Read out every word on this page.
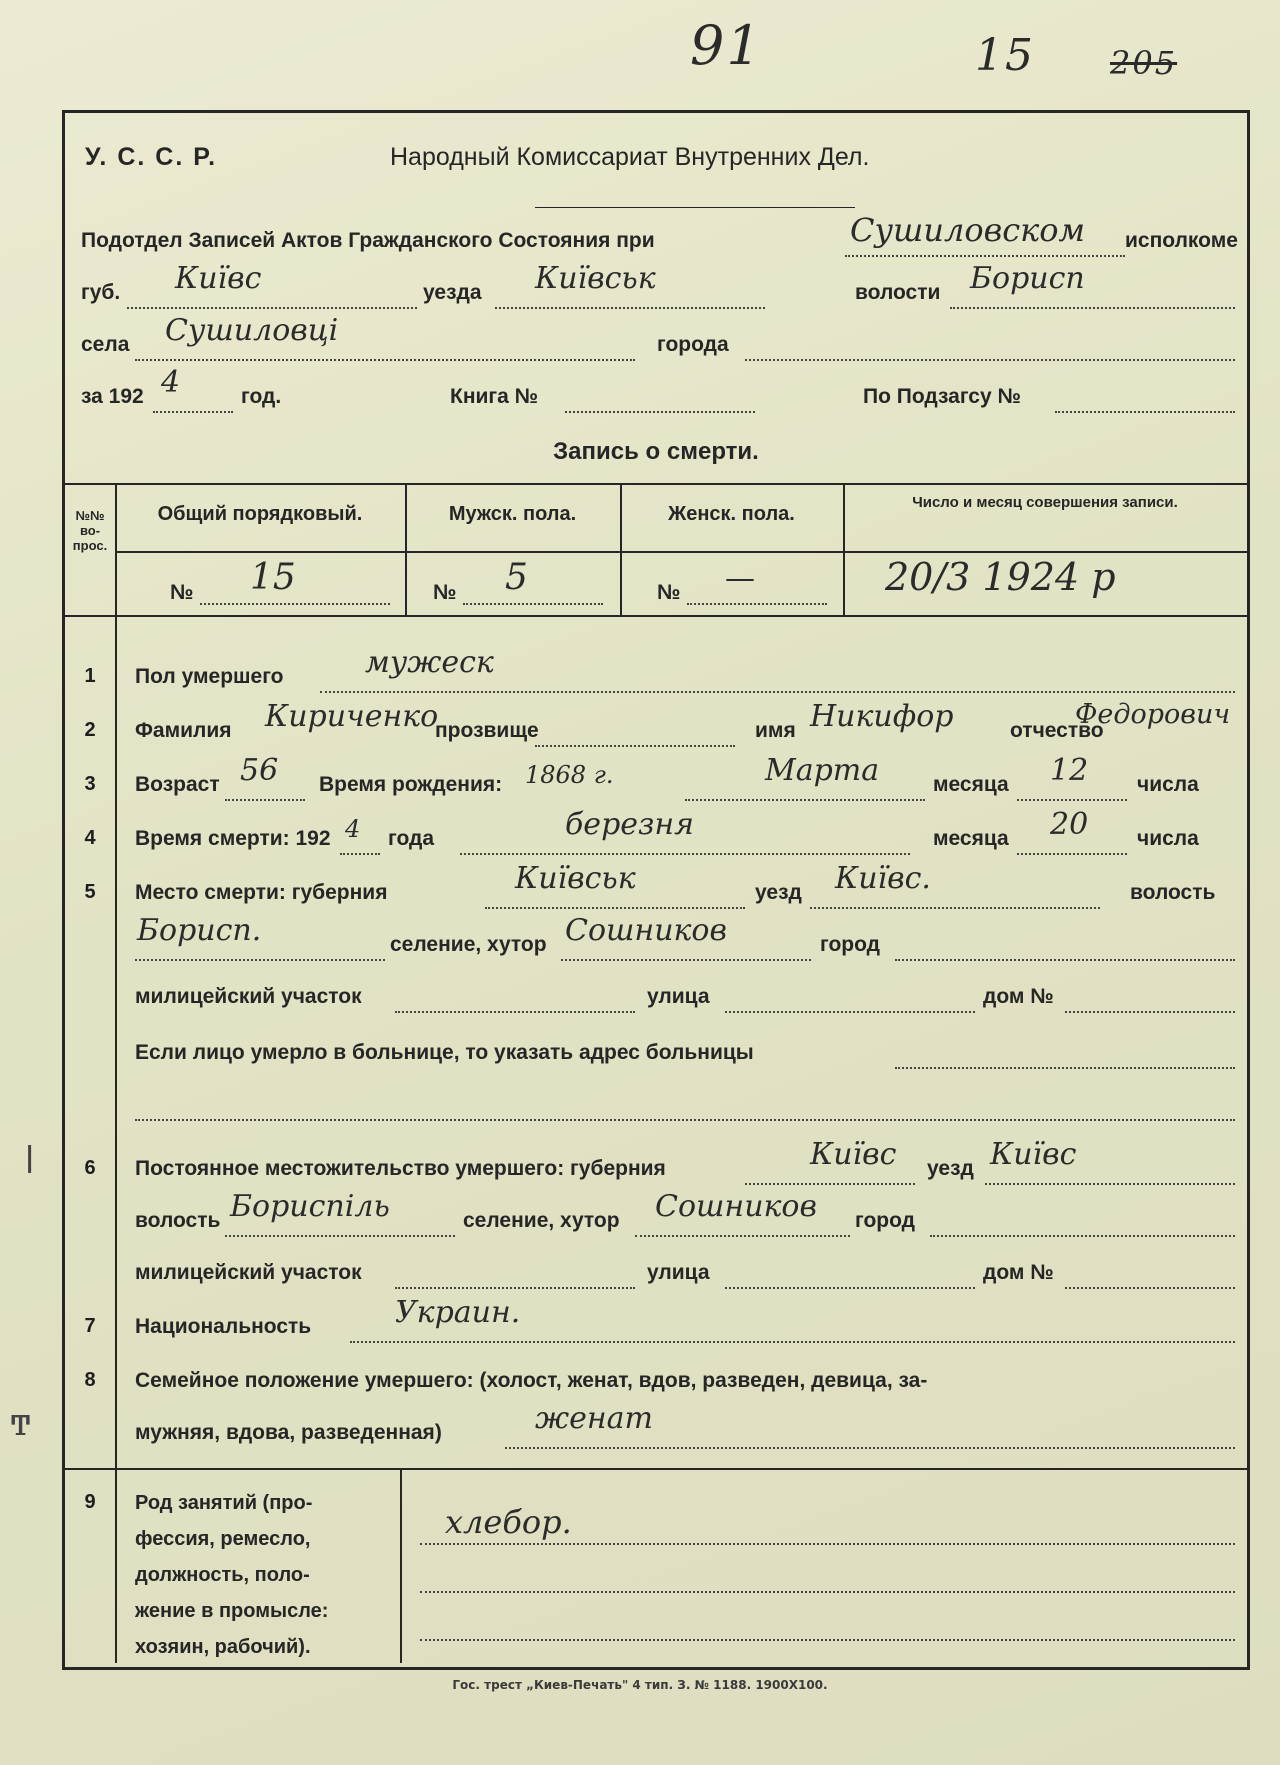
91	15 205
ǀ
ͳ
У. С. С. Р.	Народный Комиссариат Внутренних Дел.
Подотдел Записей Актов Гражданского Состояния при	Сушиловском исполкоме
губ. Київс	уезда Київськ	волости Борисп
села Сушиловці	города
за 192 4	год.	Книга №	По Подзагсу №
Запись о смерти.
№№
во-
прос.
Общий порядковый.	Мужск. пола.	Женск. пола.
Число и месяц совершения записи.
№ 15	№ 5	№ —	20/3 1924 р
1	Пол умершего	мужеск
2	Фамилия Кириченко
прозвище	имя Никифор	отчество
Федорович
3	Возраст 56 Время рождения: 1868 г.	Марта	месяца 12 числа
4	Время смерти: 192 4 года	березня	месяца 20 числа
5	Место смерти: губерния	Київськ	уезд Київс.	волость
Борисп.	селение, хутор Сошников	город
милицейский участок	улица	дом №
Если лицо умерло в больнице, то указать адрес больницы
6	Постоянное местожительство умершего: губерния	Київс уезд Київс
волость Бориспіль	селение, хутор Сошников город
милицейский участок	улица	дом №
7	Национальность	Украин.
8	Семейное положение умершего: (холост, женат, вдов, разведен, девица, за-
мужняя, вдова, разведенная)	женат
9	Род занятий (про-
фессия, ремесло,
должность, поло-
жение в промысле:
хозяин, рабочий).
хлебор.
Гос. трест „Киев-Печать" 4 тип. З. № 1188. 1900Х100.
